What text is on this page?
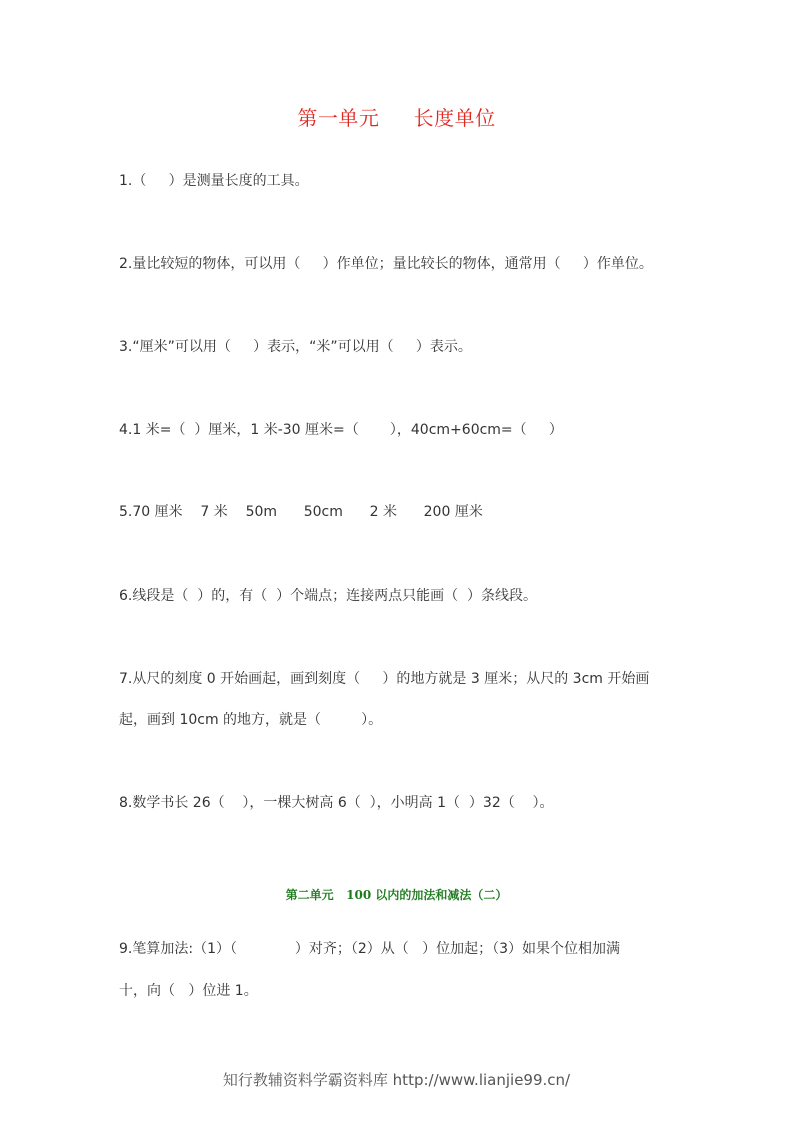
第一单元     长度单位
1.（     ）是测量长度的工具。
2.量比较短的物体，可以用（     ）作单位；量比较长的物体，通常用（     ）作单位。
3.“厘米”可以用（     ）表示，“米”可以用（     ）表示。
4.1 米=（  ）厘米，1 米-30 厘米=（       ），40cm+60cm=（     ）
5.70 厘米    7 米    50m      50cm      2 米      200 厘米
6.线段是（  ）的，有（  ）个端点；连接两点只能画（  ）条线段。
7.从尺的刻度 0 开始画起，画到刻度（     ）的地方就是 3 厘米；从尺的 3cm 开始画
起，画到 10cm 的地方，就是（         ）。
8.数学书长 26（    ），一棵大树高 6（  ），小明高 1（  ）32（    ）。
第二单元   100 以内的加法和减法（二）
9.笔算加法:（1）（             ）对齐；（2）从（   ）位加起；（3）如果个位相加满
十，向（   ）位进 1。
知行教辅资料学霸资料库 http://www.lianjie99.cn/
